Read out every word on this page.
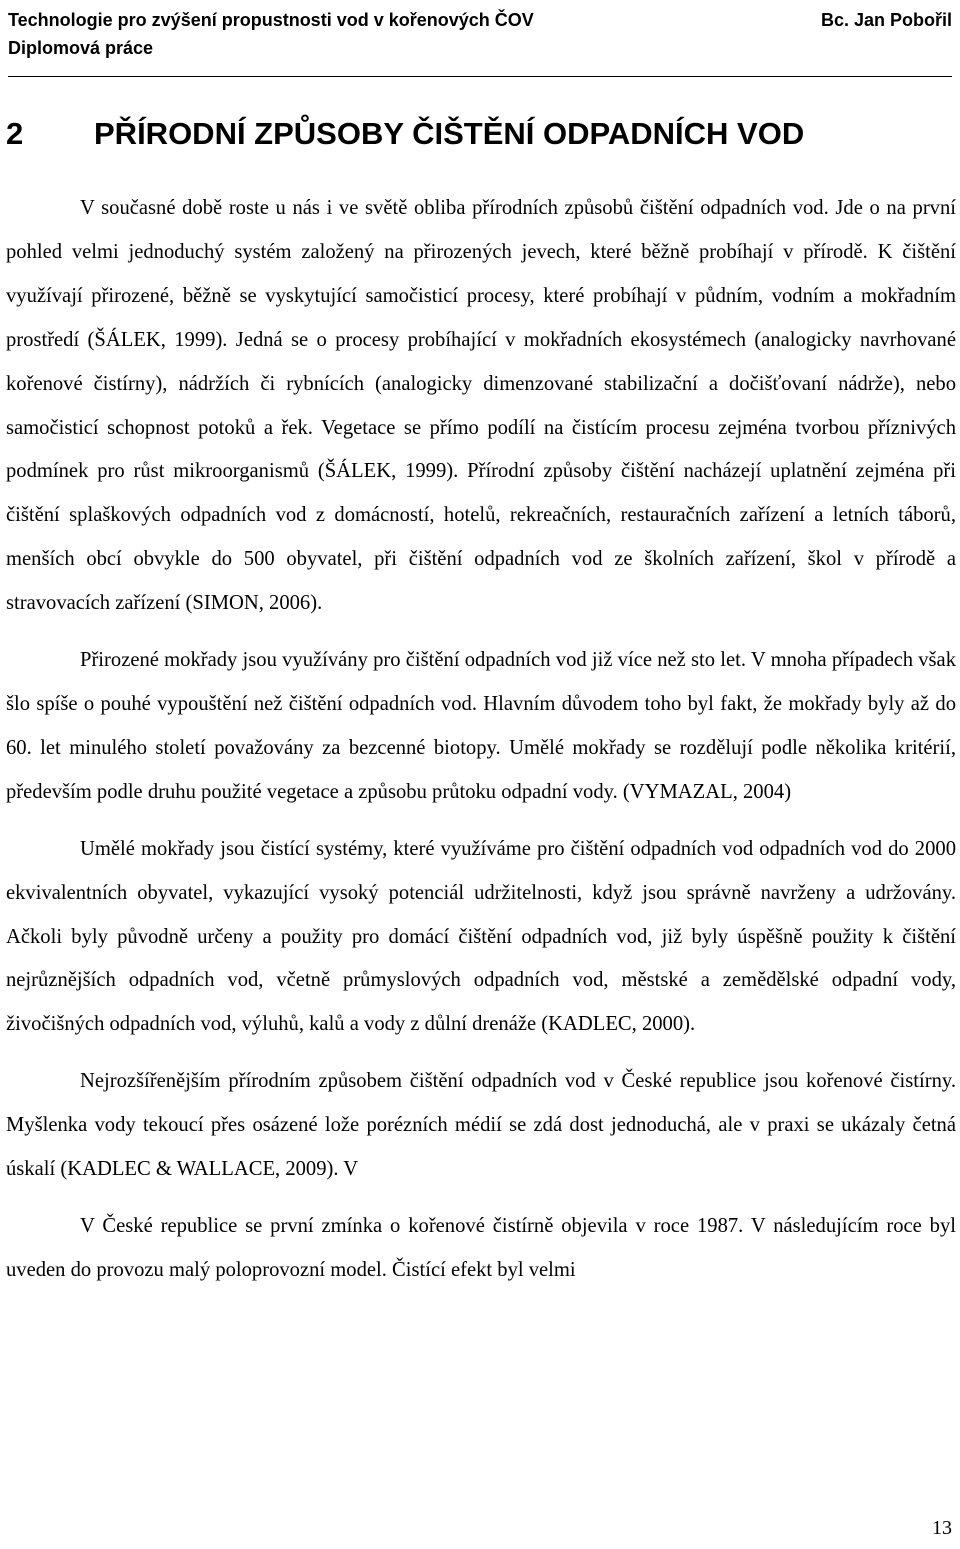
Technologie pro zvýšení propustnosti vod v kořenových ČOV	Bc. Jan Pobořil
Diplomová práce
2 PŘÍRODNÍ ZPŮSOBY ČIŠTĚNÍ ODPADNÍCH VOD

V současné době roste u nás i ve světě obliba přírodních způsobů čištění odpadních vod. Jde o na první pohled velmi jednoduchý systém založený na přirozených jevech, které běžně probíhají v přírodě. K čištění využívají přirozené, běžně se vyskytující samočisticí procesy, které probíhají v půdním, vodním a mokřadním prostředí (ŠÁLEK, 1999). Jedná se o procesy probíhající v mokřadních ekosystémech (analogicky navrhované kořenové čistírny), nádržích či rybnících (analogicky dimenzované stabilizační a dočišťovaní nádrže), nebo samočisticí schopnost potoků a řek. Vegetace se přímo podílí na čistícím procesu zejména tvorbou příznivých podmínek pro růst mikroorganismů (ŠÁLEK, 1999). Přírodní způsoby čištění nacházejí uplatnění zejména při čištění splaškových odpadních vod z domácností, hotelů, rekreačních, restauračních zařízení a letních táborů, menších obcí obvykle do 500 obyvatel, při čištění odpadních vod ze školních zařízení, škol v přírodě a stravovacích zařízení (SIMON, 2006).

Přirozené mokřady jsou využívány pro čištění odpadních vod již více než sto let. V mnoha případech však šlo spíše o pouhé vypouštění než čištění odpadních vod. Hlavním důvodem toho byl fakt, že mokřady byly až do 60. let minulého století považovány za bezcenné biotopy. Umělé mokřady se rozdělují podle několika kritérií, především podle druhu použité vegetace a způsobu průtoku odpadní vody. (VYMAZAL, 2004)

Umělé mokřady jsou čistící systémy, které využíváme pro čištění odpadních vod odpadních vod do 2000 ekvivalentních obyvatel, vykazující vysoký potenciál udržitelnosti, když jsou správně navrženy a udržovány. Ačkoli byly původně určeny a použity pro domácí čištění odpadních vod, již byly úspěšně použity k čištění nejrůznějších odpadních vod, včetně průmyslových odpadních vod, městské a zemědělské odpadní vody, živočišných odpadních vod, výluhů, kalů a vody z důlní drenáže (KADLEC, 2000).

Nejrozšířenějším přírodním způsobem čištění odpadních vod v České republice jsou kořenové čistírny. Myšlenka vody tekoucí přes osázené lože porézních médií se zdá dost jednoduchá, ale v praxi se ukázaly četná úskalí (KADLEC & WALLACE, 2009). V

V České republice se první zmínka o kořenové čistírně objevila v roce 1987. V následujícím roce byl uveden do provozu malý poloprovozní model. Čistící efekt byl velmi

13
